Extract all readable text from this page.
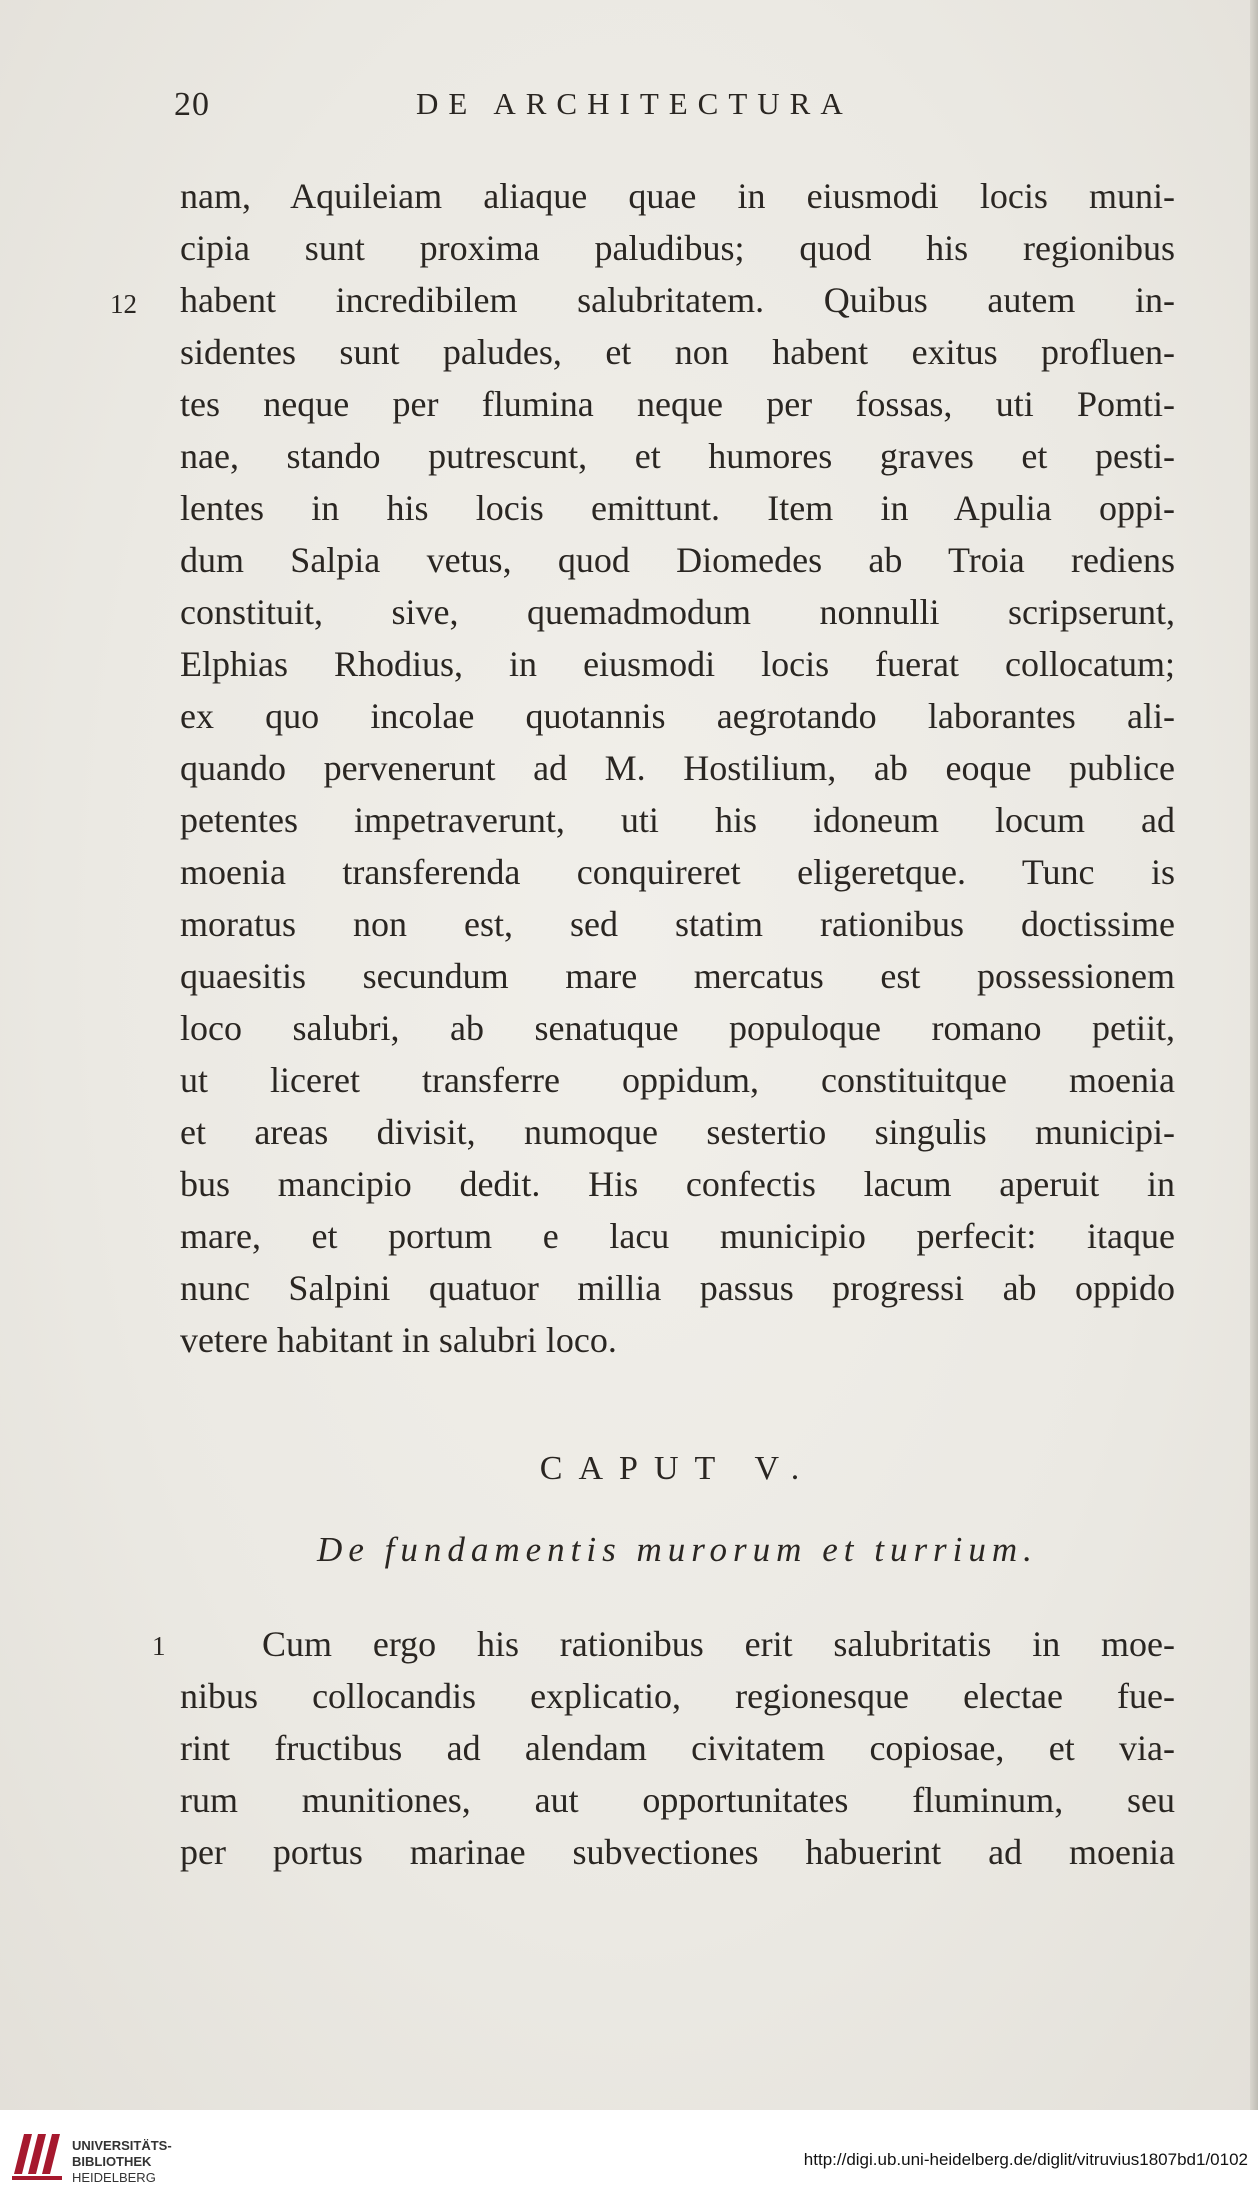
20	DE ARCHITECTURA
nam, Aquileiam aliaque quae in eiusmodi locis muni-
cipia sunt proxima paludibus; quod his regionibus
habent incredibilem salubritatem. Quibus autem in-
12
sidentes sunt paludes, et non habent exitus profluen-
tes neque per flumina neque per fossas, uti Pomti-
nae, stando putrescunt, et humores graves et pesti-
lentes in his locis emittunt. Item in Apulia oppi-
dum Salpia vetus, quod Diomedes ab Troia rediens
constituit, sive, quemadmodum nonnulli scripserunt,
Elphias Rhodius, in eiusmodi locis fuerat collocatum;
ex quo incolae quotannis aegrotando laborantes ali-
quando pervenerunt ad M. Hostilium, ab eoque publice
petentes impetraverunt, uti his idoneum locum ad
moenia transferenda conquireret eligeretque. Tunc is
moratus non est, sed statim rationibus doctissime
quaesitis secundum mare mercatus est possessionem
loco salubri, ab senatuque populoque romano petiit,
ut liceret transferre oppidum, constituitque moenia
et areas divisit, numoque sestertio singulis municipi-
bus mancipio dedit. His confectis lacum aperuit in
mare, et portum e lacu municipio perfecit: itaque
nunc Salpini quatuor millia passus progressi ab oppido
vetere habitant in salubri loco.
CAPUT V.
De fundamentis murorum et turrium.
1	Cum ergo his rationibus erit salubritatis in moe-
nibus collocandis explicatio, regionesque electae fue-
rint fructibus ad alendam civitatem copiosae, et via-
rum munitiones, aut opportunitates fluminum, seu
per portus marinae subvectiones habuerint ad moenia
UNIVERSITÄTS-
BIBLIOTHEK
HEIDELBERG
http://digi.ub.uni-heidelberg.de/diglit/vitruvius1807bd1/0102
